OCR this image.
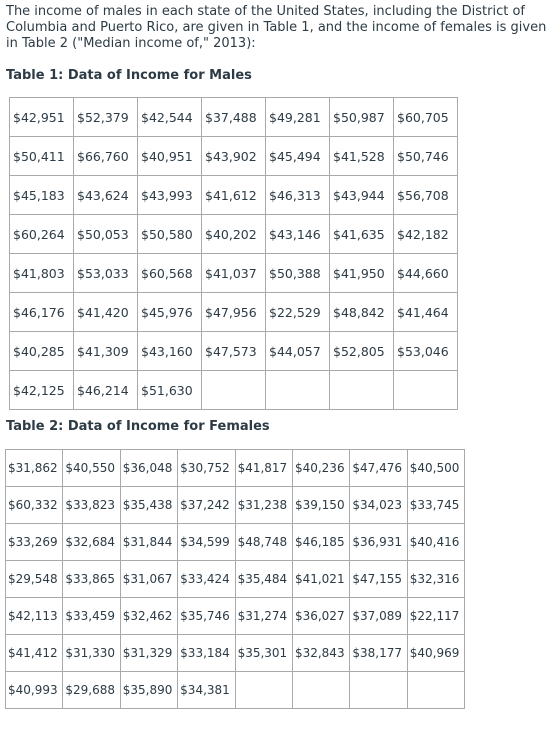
The income of males in each state of the United States, including the District of Columbia and Puerto Rico, are given in Table 1, and the income of females is given in Table 2 ("Median income of," 2013):

Table 1: Data of Income for Males

$42,951	$52,379	$42,544	$37,488	$49,281	$50,987	$60,705
$50,411	$66,760	$40,951	$43,902	$45,494	$41,528	$50,746
$45,183	$43,624	$43,993	$41,612	$46,313	$43,944	$56,708
$60,264	$50,053	$50,580	$40,202	$43,146	$41,635	$42,182
$41,803	$53,033	$60,568	$41,037	$50,388	$41,950	$44,660
$46,176	$41,420	$45,976	$47,956	$22,529	$48,842	$41,464
$40,285	$41,309	$43,160	$47,573	$44,057	$52,805	$53,046
$42,125	$46,214	$51,630				

Table 2: Data of Income for Females

$31,862	$40,550	$36,048	$30,752	$41,817	$40,236	$47,476	$40,500
$60,332	$33,823	$35,438	$37,242	$31,238	$39,150	$34,023	$33,745
$33,269	$32,684	$31,844	$34,599	$48,748	$46,185	$36,931	$40,416
$29,548	$33,865	$31,067	$33,424	$35,484	$41,021	$47,155	$32,316
$42,113	$33,459	$32,462	$35,746	$31,274	$36,027	$37,089	$22,117
$41,412	$31,330	$31,329	$33,184	$35,301	$32,843	$38,177	$40,969
$40,993	$29,688	$35,890	$34,381				
